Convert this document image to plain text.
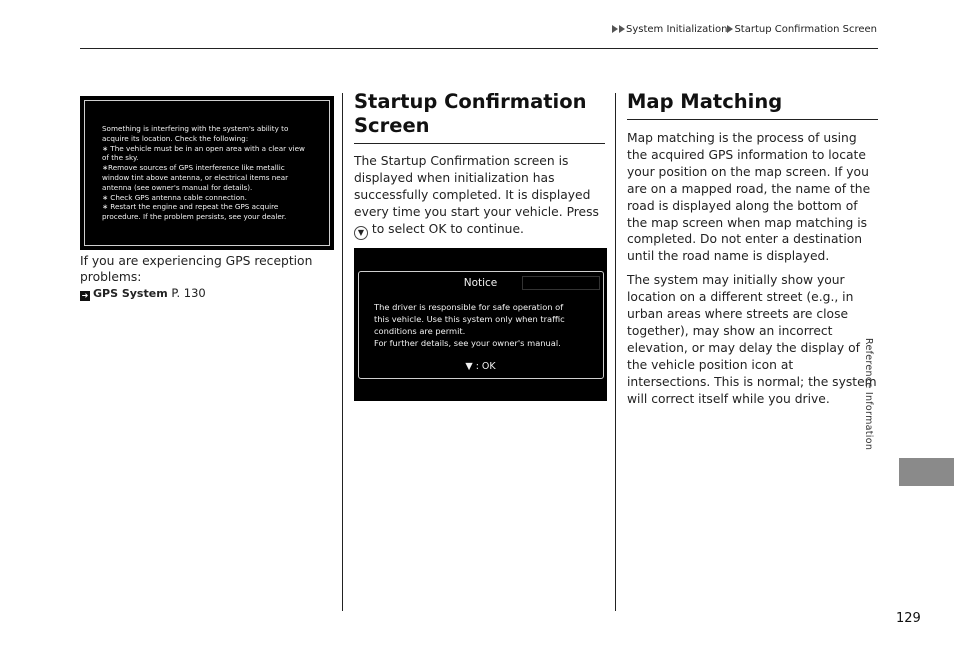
System Initialization Startup Confirmation Screen
Something is interfering with the system's ability to acquire its location. Check the following:
∗ The vehicle must be in an open area with a clear view of the sky.
∗Remove sources of GPS interference like metallic window tint above antenna, or electrical items near antenna (see owner's manual for details).
∗ Check GPS antenna cable connection.
∗ Restart the engine and repeat the GPS acquire procedure. If the problem persists, see your dealer.
If you are experiencing GPS reception problems:
➜ GPS System P. 130
Startup Confirmation Screen
The Startup Confirmation screen is displayed when initialization has successfully completed. It is displayed every time you start your vehicle. Press ▼ to select OK to continue.
Notice
The driver is responsible for safe operation of
this vehicle. Use this system only when traffic
conditions are permit.
For further details, see your owner's manual.
▼ : OK
Map Matching

Map matching is the process of using the acquired GPS information to locate your position on the map screen. If you are on a mapped road, the name of the road is displayed along the bottom of the map screen when map matching is completed. Do not enter a destination until the road name is displayed.

The system may initially show your location on a different street (e.g., in urban areas where streets are close together), may show an incorrect elevation, or may delay the display of the vehicle position icon at intersections. This is normal; the system will correct itself while you drive.	Reference Information
129
